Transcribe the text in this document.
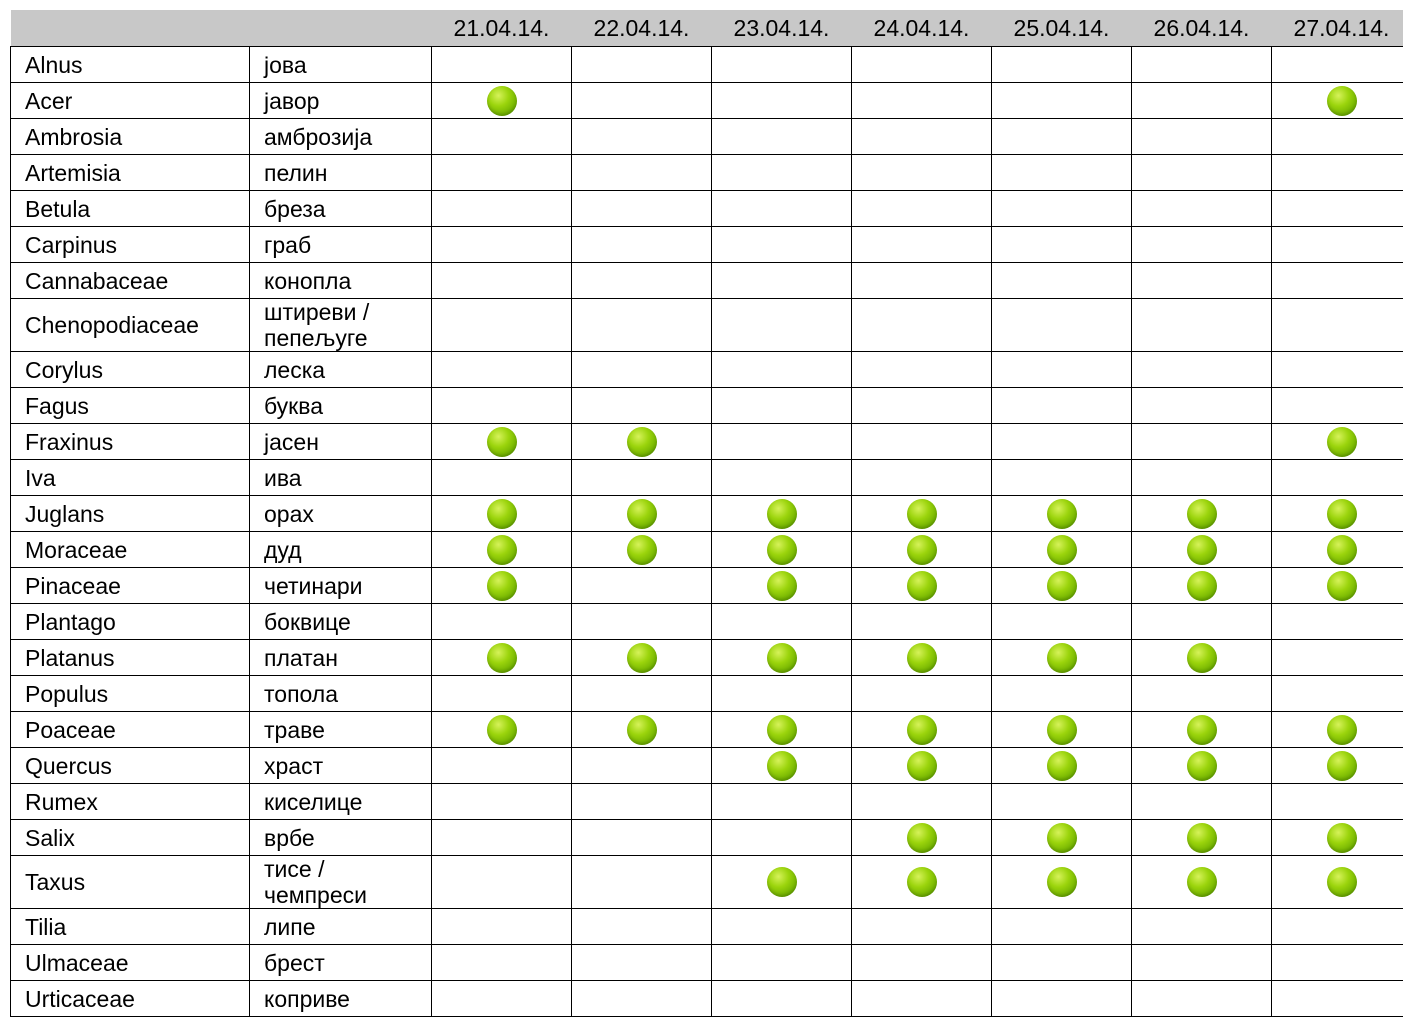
		21.04.14.	22.04.14.	23.04.14.	24.04.14.	25.04.14.	26.04.14.	27.04.14.
Alnus	јова							
Acer	јавор							
Ambrosia	амброзија							
Artemisia	пелин							
Betula	бреза							
Carpinus	граб							
Cannabaceae	конопла							
Chenopodiaceae	штиреви /пепељуге							
Corylus	леска							
Fagus	буква							
Fraxinus	јасен							
Iva	ива							
Juglans	орах							
Moraceae	дуд							
Pinaceae	четинари							
Plantago	боквице							
Platanus	платан							
Populus	топола							
Poaceae	траве							
Quercus	храст							
Rumex	киселице							
Salix	врбе							
Taxus	тисе / чемпреси							
Tilia	липе							
Ulmaceae	брест							
Urticaceae	коприве							
